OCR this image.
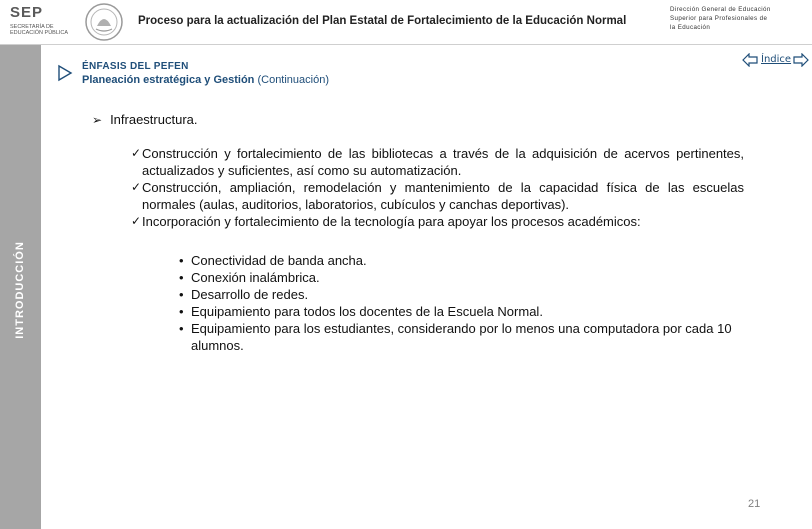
SEP
SECRETARÍA DE EDUCACIÓN PÚBLICA
Proceso para la actualización del Plan Estatal de Fortalecimiento de la Educación Normal
Dirección General de Educación
Superior para Profesionales de
la Educación
INTRODUCCIÓN
ÉNFASIS DEL PEFEN
Planeación estratégica y Gestión (Continuación)
Índice
➢ Infraestructura.
✓ Construcción y fortalecimiento de las bibliotecas a través de la adquisición de acervos pertinentes, actualizados y suficientes, así como su automatización.
✓ Construcción, ampliación, remodelación y mantenimiento de la capacidad física de las escuelas normales (aulas, auditorios, laboratorios, cubículos y canchas deportivas).
✓ Incorporación y fortalecimiento de la tecnología para apoyar los procesos académicos:
• Conectividad de banda ancha.
• Conexión inalámbrica.
• Desarrollo de redes.
• Equipamiento para todos los docentes de la Escuela Normal.
• Equipamiento para los estudiantes, considerando por lo menos una computadora por cada 10 alumnos.
21
